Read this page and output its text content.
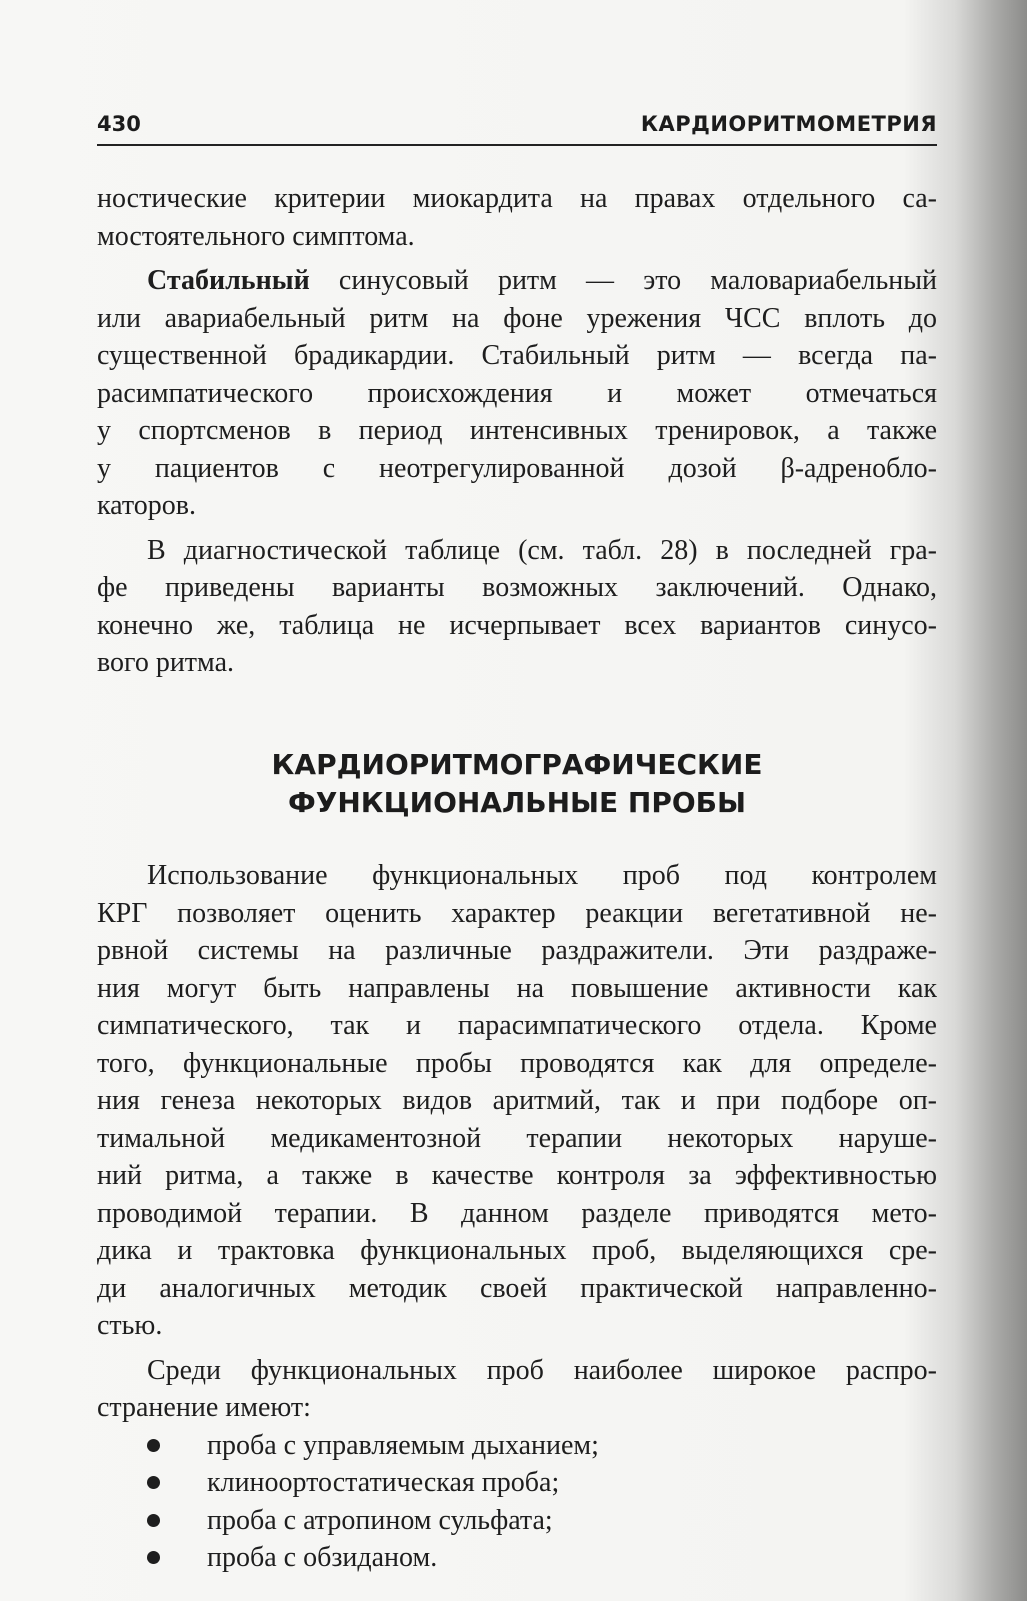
430	КАРДИОРИТМОМЕТРИЯ

ностические критерии миокардита на правах отдельного са-

мостоятельного симптома.

Стабильный синусовый ритм — это маловариабельный

или авариабельный ритм на фоне урежения ЧСС вплоть до

существенной брадикардии. Стабильный ритм — всегда па-

расимпатического происхождения и может отмечаться

у спортсменов в период интенсивных тренировок, а также

у пациентов с неотрегулированной дозой β-адренобло-

каторов.

В диагностической таблице (см. табл. 28) в последней гра-

фе приведены варианты возможных заключений. Однако,

конечно же, таблица не исчерпывает всех вариантов синусо-

вого ритма.

КАРДИОРИТМОГРАФИЧЕСКИЕ
ФУНКЦИОНАЛЬНЫЕ ПРОБЫ

Использование функциональных проб под контролем

КРГ позволяет оценить характер реакции вегетативной не-

рвной системы на различные раздражители. Эти раздраже-

ния могут быть направлены на повышение активности как

симпатического, так и парасимпатического отдела. Кроме

того, функциональные пробы проводятся как для определе-

ния генеза некоторых видов аритмий, так и при подборе оп-

тимальной медикаментозной терапии некоторых наруше-

ний ритма, а также в качестве контроля за эффективностью

проводимой терапии. В данном разделе приводятся мето-

дика и трактовка функциональных проб, выделяющихся сре-

ди аналогичных методик своей практической направленно-

стью.

Среди функциональных проб наиболее широкое распро-

странение имеют:

проба с управляемым дыханием;
клиноортостатическая проба;
проба с атропином сульфата;
проба с обзиданом.
